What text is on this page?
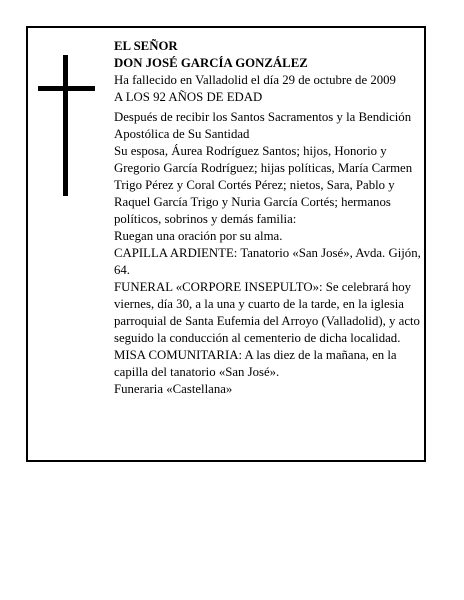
EL SEÑOR

DON JOSÉ GARCÍA GONZÁLEZ

Ha fallecido en Valladolid el día 29 de octubre de 2009

A LOS 92 AÑOS DE EDAD

Después de recibir los Santos Sacramentos y la Bendición Apostólica de Su Santidad

Su esposa, Áurea Rodríguez Santos; hijos, Honorio y Gregorio García Rodríguez; hijas políticas, María Carmen Trigo Pérez y Coral Cortés Pérez; nietos, Sara, Pablo y Raquel García Trigo y Nuria García Cortés; hermanos políticos, sobrinos y demás familia:

Ruegan una oración por su alma.

CAPILLA ARDIENTE: Tanatorio «San José», Avda. Gijón, 64.

FUNERAL «CORPORE INSEPULTO»: Se celebrará hoy viernes, día 30, a la una y cuarto de la tarde, en la iglesia parroquial de Santa Eufemia del Arroyo (Valladolid), y acto seguido la conducción al cementerio de dicha localidad.

MISA COMUNITARIA: A las diez de la mañana, en la capilla del tanatorio «San José».

Funeraria «Castellana»
